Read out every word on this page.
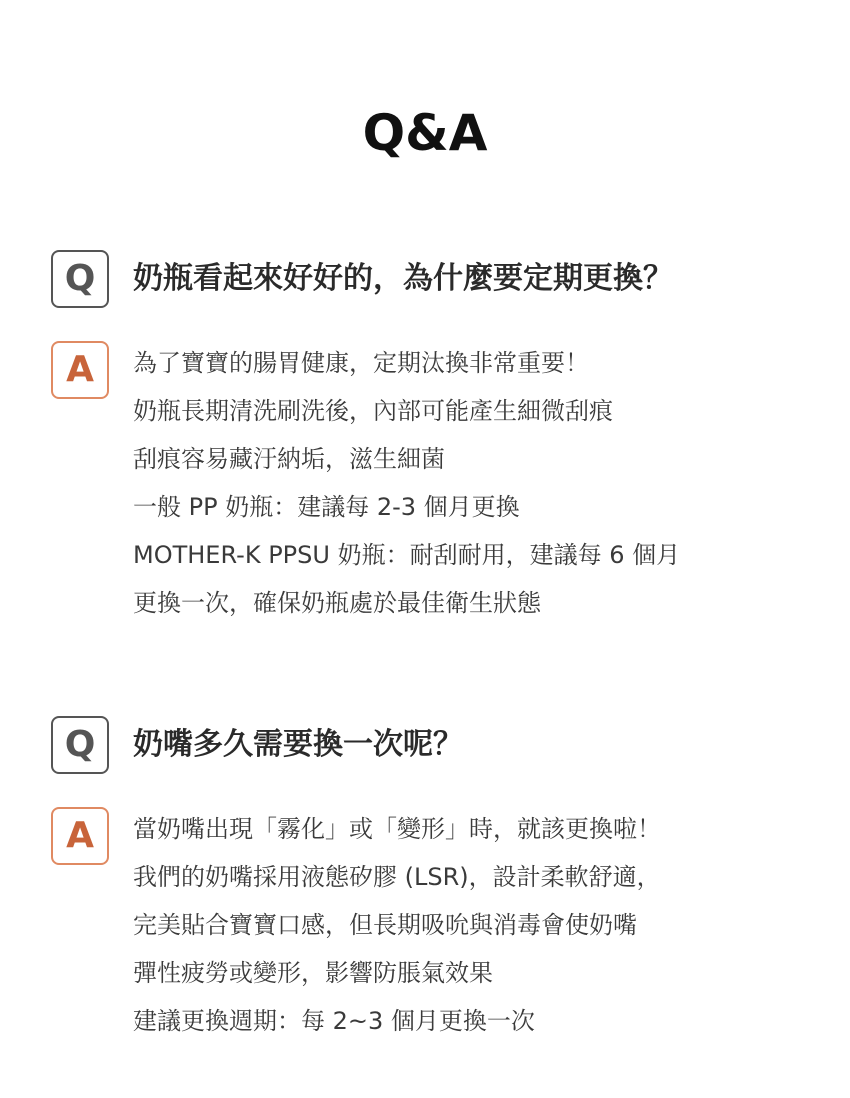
Q&A
Q	奶瓶看起來好好的，為什麼要定期更換？
A	為了寶寶的腸胃健康，定期汰換非常重要！
奶瓶長期清洗刷洗後，內部可能產生細微刮痕
刮痕容易藏汙納垢，滋生細菌
一般 PP 奶瓶：建議每 2-3 個月更換
MOTHER-K PPSU 奶瓶：耐刮耐用，建議每 6 個月
更換一次，確保奶瓶處於最佳衛生狀態
Q	奶嘴多久需要換一次呢？
A	當奶嘴出現「霧化」或「變形」時，就該更換啦！
我們的奶嘴採用液態矽膠 (LSR)，設計柔軟舒適，
完美貼合寶寶口感，但長期吸吮與消毒會使奶嘴
彈性疲勞或變形，影響防脹氣效果
建議更換週期：每 2~3 個月更換一次
